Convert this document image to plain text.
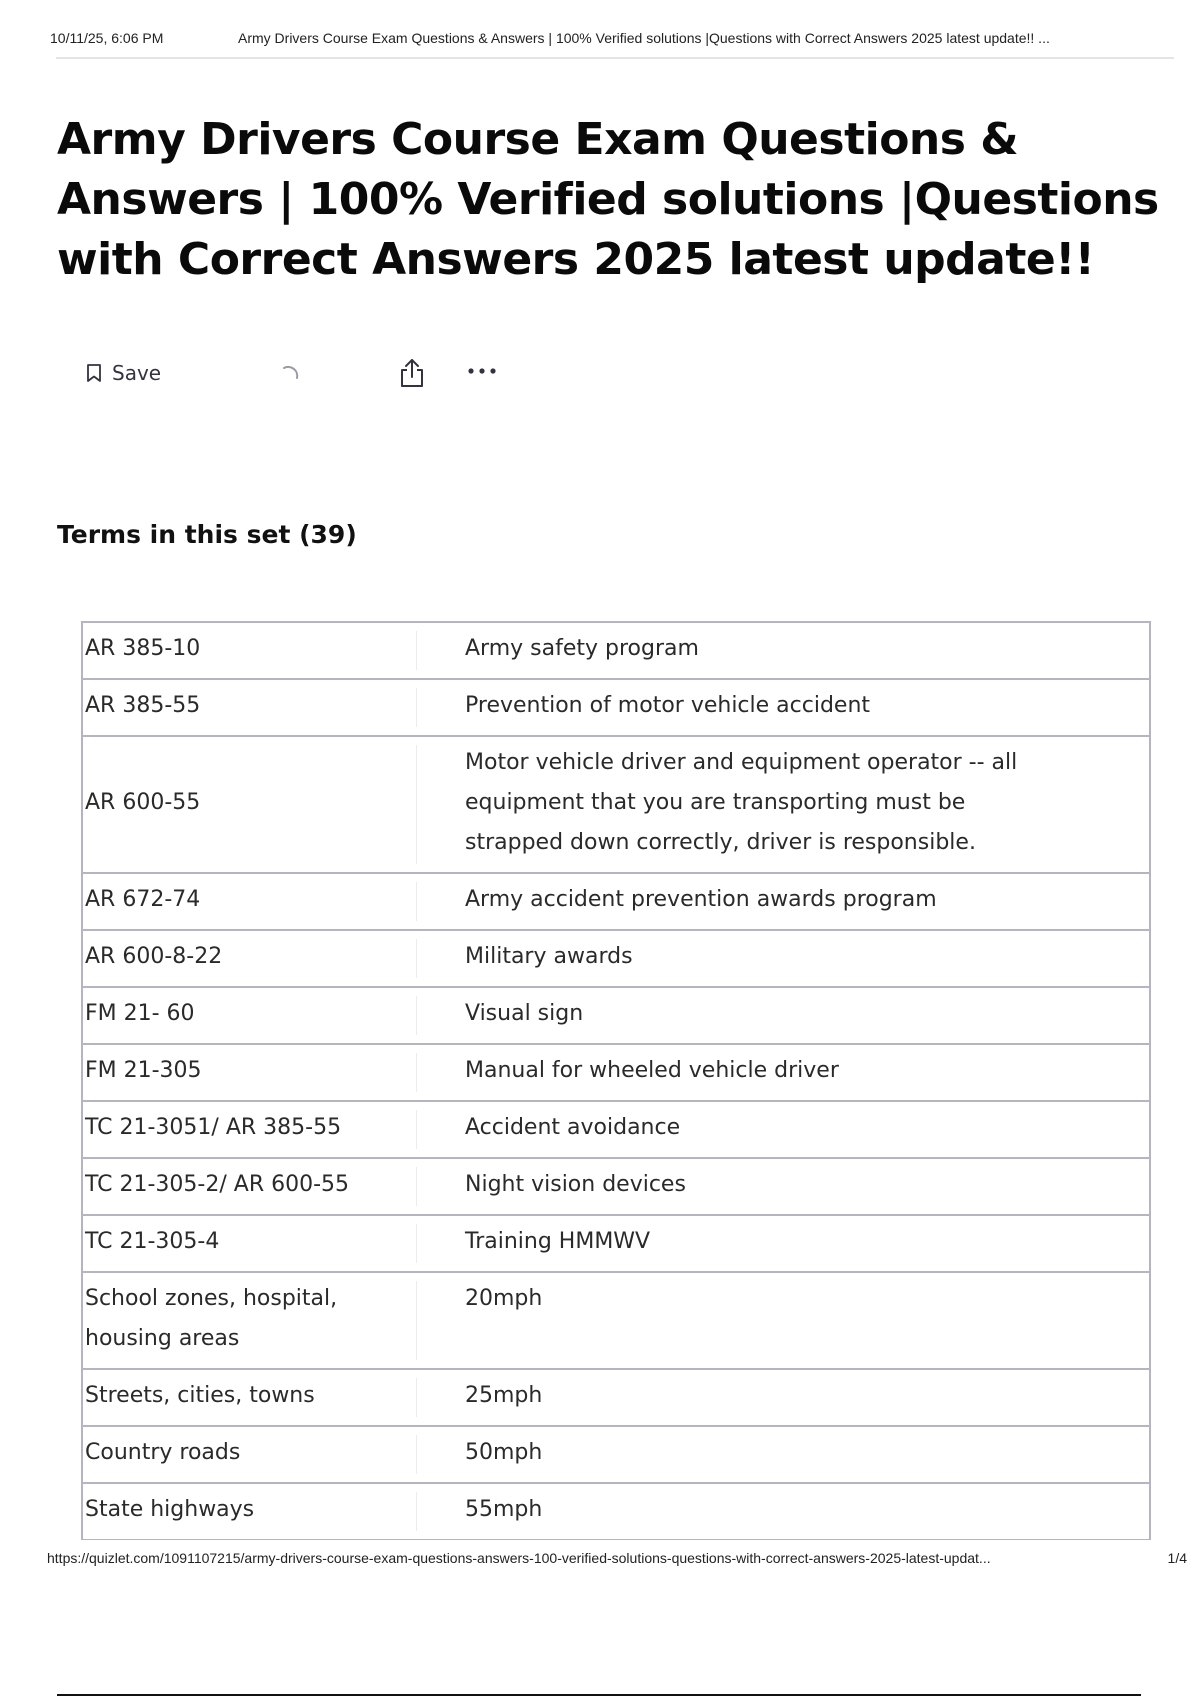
10/11/25, 6:06 PM	Army Drivers Course Exam Questions & Answers | 100% Verified solutions |Questions with Correct Answers 2025 latest update!! ...
Army Drivers Course Exam Questions & Answers | 100% Verified solutions |Questions with Correct Answers 2025 latest update!!
Save
Terms in this set (39)
AR 385-10	Army safety program
AR 385-55	Prevention of motor vehicle accident
AR 600-55	Motor vehicle driver and equipment operator -- all equipment that you are transporting must be strapped down correctly, driver is responsible.
AR 672-74	Army accident prevention awards program
AR 600-8-22	Military awards
FM 21- 60	Visual sign
FM 21-305	Manual for wheeled vehicle driver
TC 21-3051/ AR 385-55	Accident avoidance
TC 21-305-2/ AR 600-55	Night vision devices
TC 21-305-4	Training HMMWV
School zones, hospital, housing areas	20mph
Streets, cities, towns	25mph
Country roads	50mph
State highways	55mph
https://quizlet.com/1091107215/army-drivers-course-exam-questions-answers-100-verified-solutions-questions-with-correct-answers-2025-latest-updat...	1/4
